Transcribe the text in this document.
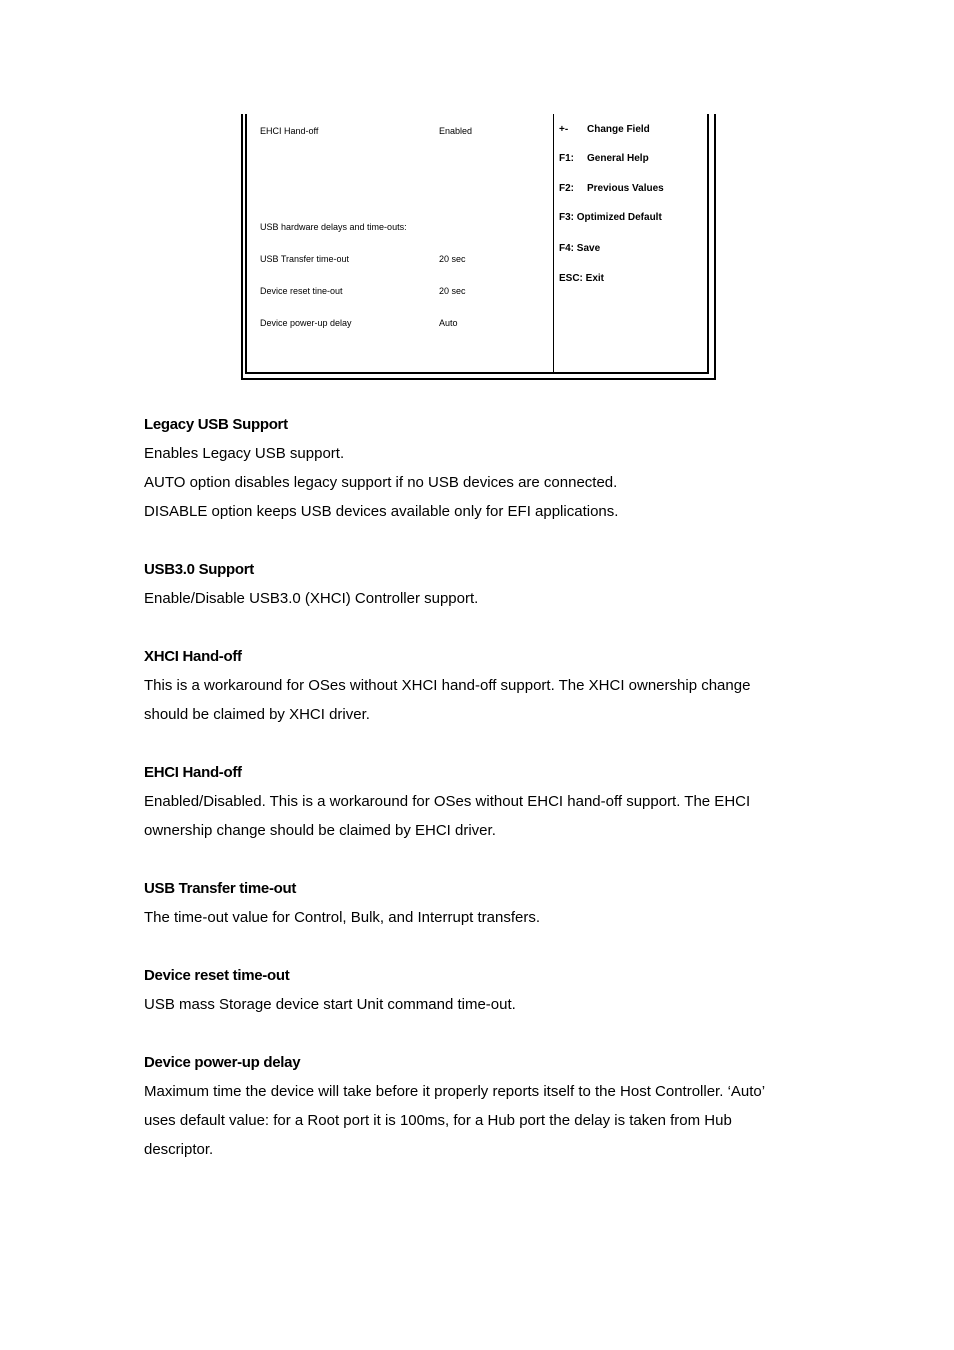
EHCI Hand-off	Enabled
USB hardware delays and time-outs:
USB Transfer time-out	20 sec
Device reset tine-out	20 sec
Device power-up delay	Auto
+- Change Field
F1: General Help
F2: Previous Values
F3: Optimized Default
F4: Save
ESC: Exit
Legacy USB Support

Enables Legacy USB support.

AUTO option disables legacy support if no USB devices are connected.

DISABLE option keeps USB devices available only for EFI applications.

USB3.0 Support

Enable/Disable USB3.0 (XHCI) Controller support.

XHCI Hand-off

This is a workaround for OSes without XHCI hand-off support. The XHCI ownership change

should be claimed by XHCI driver.

EHCI Hand-off

Enabled/Disabled. This is a workaround for OSes without EHCI hand-off support. The EHCI

ownership change should be claimed by EHCI driver.

USB Transfer time-out

The time-out value for Control, Bulk, and Interrupt transfers.

Device reset time-out

USB mass Storage device start Unit command time-out.

Device power-up delay

Maximum time the device will take before it properly reports itself to the Host Controller. ‘Auto’

uses default value: for a Root port it is 100ms, for a Hub port the delay is taken from Hub

descriptor.
